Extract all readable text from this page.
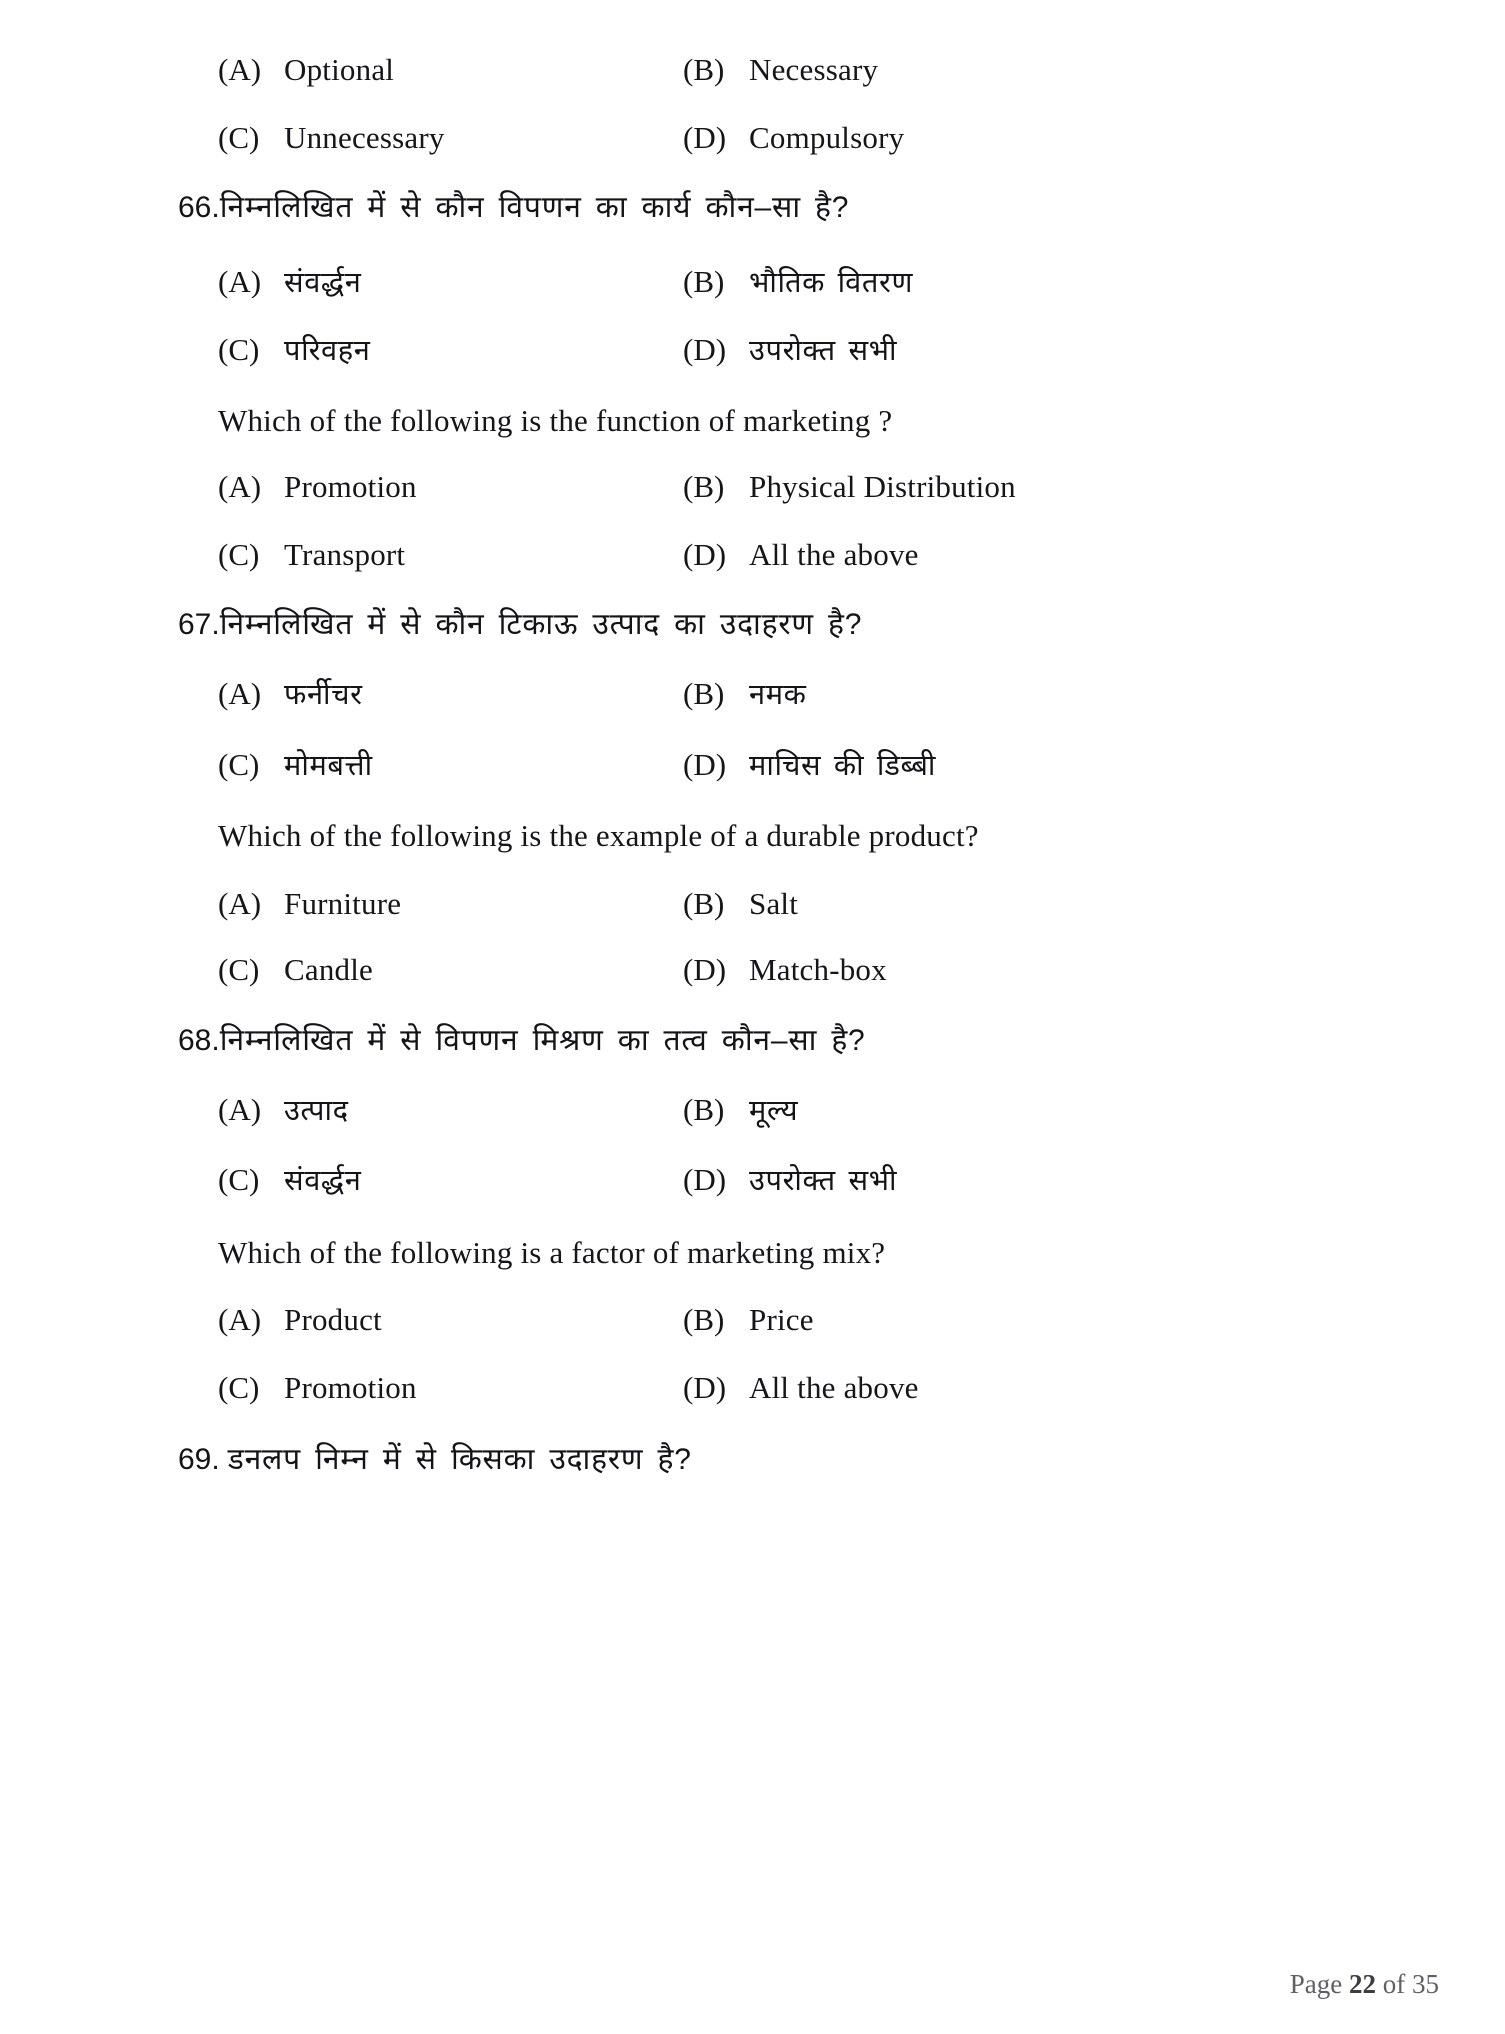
(A) Optional	(B) Necessary
(C) Unnecessary	(D) Compulsory
66. निम्नलिखित में से कौन विपणन का कार्य कौन–सा है?
(A) संवर्द्धन	(B) भौतिक वितरण
(C) परिवहन	(D) उपरोक्त सभी
Which of the following is the function of marketing ?
(A) Promotion	(B) Physical Distribution
(C) Transport	(D) All the above
67. निम्नलिखित में से कौन टिकाऊ उत्पाद का उदाहरण है?
(A) फर्नीचर	(B) नमक
(C) मोमबत्ती	(D) माचिस की डिब्बी
Which of the following is the example of a durable product?
(A) Furniture	(B) Salt
(C) Candle	(D) Match-box
68. निम्नलिखित में से विपणन मिश्रण का तत्व कौन–सा है?
(A) उत्पाद	(B) मूल्य
(C) संवर्द्धन	(D) उपरोक्त सभी
Which of the following is a factor of marketing mix?
(A) Product	(B) Price
(C) Promotion	(D) All the above
69. डनलप निम्न में से किसका उदाहरण है?
Page 22 of 35
